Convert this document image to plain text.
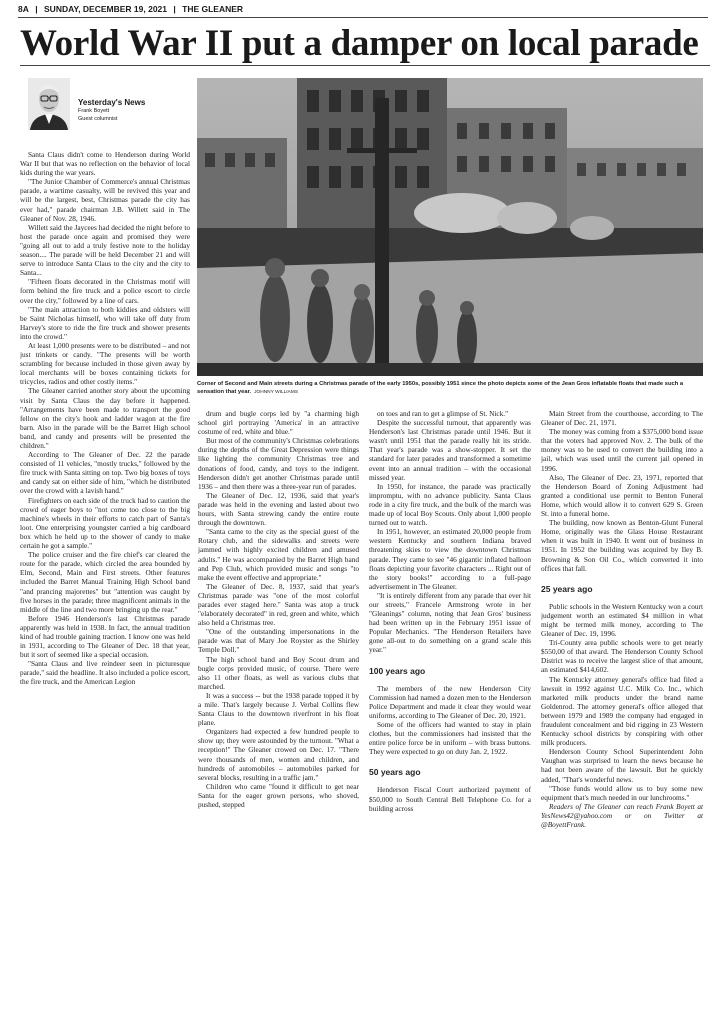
8A | SUNDAY, DECEMBER 19, 2021 | THE GLEANER
World War II put a damper on local parade
Yesterday's News
Frank Boyett
Guest columnist
Corner of Second and Main streets during a Christmas parade of the early 1950s, possibly 1951 since the photo depicts some of the Jean Gros inflatable floats that made such a sensation that year. JOHNNY WILLIAMS

Santa Claus didn't come to Henderson during World War II but that was no reflection on the behavior of local kids during the war years.

"The Junior Chamber of Commerce's annual Christmas parade, a wartime casualty, will be revived this year and will be the largest, best, Christmas parade the city has ever had," parade chairman J.B. Willett said in The Gleaner of Nov. 28, 1946.

Willett said the Jaycees had decided the night before to host the parade once again and promised they were "going all out to add a truly festive note to the holiday season.... The parade will be held December 21 and will serve to introduce Santa Claus to the city and the city to Santa...

"Fifteen floats decorated in the Christmas motif will form behind the fire truck and a police escort to circle over the city," followed by a line of cars.

"The main attraction to both kiddies and oldsters will be Saint Nicholas himself, who will take off duty from Harvey's store to ride the fire truck and shower presents into the crowd."

At least 1,000 presents were to be distributed – and not just trinkets or candy. "The presents will be worth scrambling for because included in those given away by local merchants will be boxes containing tickets for tricycles, radios and other costly items."

The Gleaner carried another story about the upcoming visit by Santa Claus the day before it happened. "Arrangements have been made to transport the good fellow on the city's hook and ladder wagon at the fire barn. Also in the parade will be the Barret High school band, and candy and presents will be presented the children."

According to The Gleaner of Dec. 22 the parade consisted of 11 vehicles, "mostly trucks," followed by the fire truck with Santa sitting on top. Two big boxes of toys and candy sat on either side of him, "which he distributed over the crowd with a lavish hand."

Firefighters on each side of the truck had to caution the crowd of eager boys to "not come too close to the big machine's wheels in their efforts to catch part of Santa's loot. One enterprising youngster carried a big cardboard box which he held up to the shower of candy to make certain he got a sample."

The police cruiser and the fire chief's car cleared the route for the parade, which circled the area bounded by Elm, Second, Main and First streets. Other features included the Barret Manual Training High School band "and prancing majorettes" but "attention was caught by five horses in the parade; three magnificent animals in the middle of the line and two more bringing up the rear."

Before 1946 Henderson's last Christmas parade apparently was held in 1938. In fact, the annual tradition kind of had trouble gaining traction. I know one was held in 1931, according to The Gleaner of Dec. 18 that year, but it sort of seemed like a special occasion.

"Santa Claus and live reindeer seen in picturesque parade," said the headline. It also included a police escort, the fire truck, and the American Legion

drum and bugle corps led by "a charming high school girl portraying 'America' in an attractive costume of red, white and blue."

But most of the community's Christmas celebrations during the depths of the Great Depression were things like lighting the community Christmas tree and donations of food, candy, and toys to the indigent. Henderson didn't get another Christmas parade until 1936 – and then there was a three-year run of parades.

The Gleaner of Dec. 12, 1936, said that year's parade was held in the evening and lasted about two hours, with Santa strewing candy the entire route through the downtown.

"Santa came to the city as the special guest of the Rotary club, and the sidewalks and streets were jammed with highly excited children and amused adults." He was accompanied by the Barret High band and Pep Club, which provided music and songs "to make the event effective and appropriate."

The Gleaner of Dec. 8, 1937, said that year's Christmas parade was "one of the most colorful parades ever staged here." Santa was atop a truck "elaborately decorated" in red, green and white, which also held a Christmas tree.

"One of the outstanding impersonations in the parade was that of Mary Joe Royster as the Shirley Temple Doll."

The high school band and Boy Scout drum and bugle corps provided music, of course. There were also 11 other floats, as well as various clubs that marched.

It was a success -- but the 1938 parade topped it by a mile. That's largely because J. Verbal Collins flew Santa Claus to the downtown riverfront in his float plane.

Organizers had expected a few hundred people to show up; they were astounded by the turnout. "What a reception!" The Gleaner crowed on Dec. 17. "There were thousands of men, women and children, and hundreds of automobiles – automobiles parked for several blocks, resulting in a traffic jam."

Children who came "found it difficult to get near Santa for the eager grown persons, who shoved, pushed, stepped

on toes and ran to get a glimpse of St. Nick."

Despite the successful turnout, that apparently was Henderson's last Christmas parade until 1946. But it wasn't until 1951 that the parade really hit its stride. That year's parade was a show-stopper. It set the standard for later parades and transformed a sometime event into an annual tradition – with the occasional missed year.

In 1950, for instance, the parade was practically impromptu, with no advance publicity. Santa Claus rode in a city fire truck, and the bulk of the march was made up of local Boy Scouts. Only about 1,000 people turned out to watch.

In 1951, however, an estimated 20,000 people from western Kentucky and southern Indiana braved threatening skies to view the downtown Christmas parade. They came to see "46 gigantic inflated balloon floats depicting your favorite characters ... Right out of the story books!" according to a full-page advertisement in The Gleaner.

"It is entirely different from any parade that ever hit our streets," Francele Armstrong wrote in her "Gleanings" column, noting that Jean Gros' business had been written up in the February 1951 issue of Popular Mechanics. "The Henderson Retailers have gone all-out to do something on a grand scale this year."

100 years ago

The members of the new Henderson City Commission had named a dozen men to the Henderson Police Department and made it clear they would wear uniforms, according to The Gleaner of Dec. 20, 1921.

Some of the officers had wanted to stay in plain clothes, but the commissioners had insisted that the entire police force be in uniform – with brass buttons. They were expected to go on duty Jan. 2, 1922.

50 years ago

Henderson Fiscal Court authorized payment of $50,000 to South Central Bell Telephone Co. for a building across

Main Street from the courthouse, according to The Gleaner of Dec. 21, 1971.

The money was coming from a $375,000 bond issue that the voters had approved Nov. 2. The bulk of the money was to be used to convert the building into a jail, which was used until the current jail opened in 1996.

Also, The Gleaner of Dec. 23, 1971, reported that the Henderson Board of Zoning Adjustment had granted a conditional use permit to Benton Funeral Home, which would allow it to convert 629 S. Green St. into a funeral home.

The building, now known as Benton-Glunt Funeral Home, originally was the Glass House Restaurant when it was built in 1940. It went out of business in 1951. In 1952 the building was acquired by Iley B. Browning & Son Oil Co., which converted it into offices that fall.

25 years ago

Public schools in the Western Kentucky won a court judgement worth an estimated $4 million in what might be termed milk money, according to The Gleaner of Dec. 19, 1996.

Tri-County area public schools were to get nearly $550,00 of that award. The Henderson County School District was to receive the largest slice of that amount, an estimated $414,602.

The Kentucky attorney general's office had filed a lawsuit in 1992 against U.C. Milk Co. Inc., which marketed milk products under the brand name Goldenrod. The attorney general's office alleged that between 1979 and 1989 the company had engaged in fraudulent concealment and bid rigging in 23 Western Kentucky school districts by conspiring with other milk producers.

Henderson County School Superintendent John Vaughan was surprised to learn the news because he had not been aware of the lawsuit. But he quickly added, "That's wonderful news.

"Those funds would allow us to buy some new equipment that's much needed in our lunchrooms."

Readers of The Gleaner can reach Frank Boyett at YesNews42@yahoo.com or on Twitter at @BoyettFrank.
